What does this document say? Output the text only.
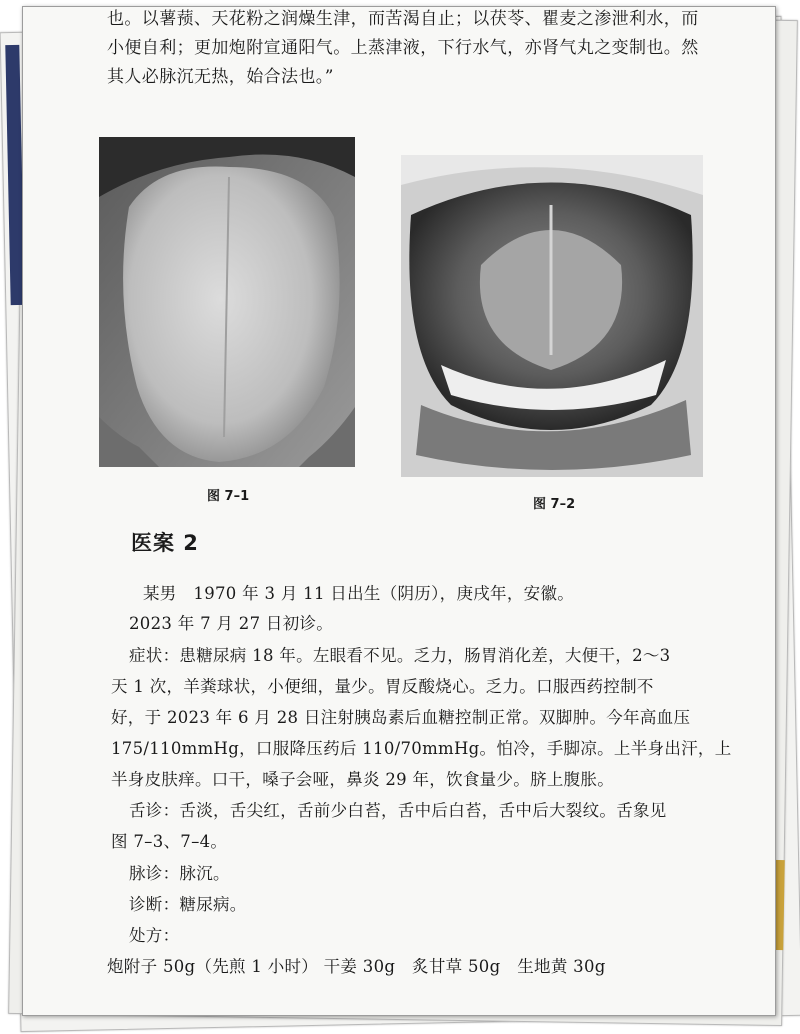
也。以薯蓣、天花粉之润燥生津，而苦渴自止；以茯苓、瞿麦之渗泄利水，而
小便自利；更加炮附宣通阳气。上蒸津液，下行水气，亦肾气丸之变制也。然
其人必脉沉无热，始合法也。”
图 7–1
图 7–2
医案 2
某男　1970 年 3 月 11 日出生（阴历），庚戌年，安徽。
2023 年 7 月 27 日初诊。
症状：患糖尿病 18 年。左眼看不见。乏力，肠胃消化差，大便干，2～3
天 1 次，羊粪球状，小便细，量少。胃反酸烧心。乏力。口服西药控制不
好，于 2023 年 6 月 28 日注射胰岛素后血糖控制正常。双脚肿。今年高血压
175/110mmHg，口服降压药后 110/70mmHg。怕冷，手脚凉。上半身出汗，上
半身皮肤痒。口干，嗓子会哑，鼻炎 29 年，饮食量少。脐上腹胀。
舌诊：舌淡，舌尖红，舌前少白苔，舌中后白苔，舌中后大裂纹。舌象见
图 7–3、7–4。
脉诊：脉沉。
诊断：糖尿病。
处方：
炮附子 50g（先煎 1 小时） 干姜 30g　炙甘草 50g　生地黄 30g
